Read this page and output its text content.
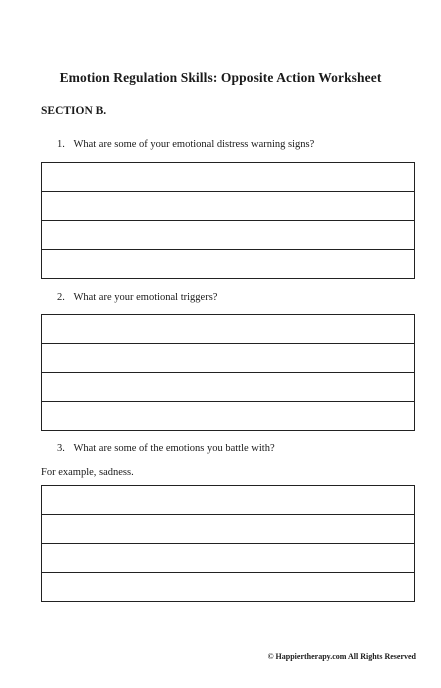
Emotion Regulation Skills: Opposite Action Worksheet
SECTION B.
1. What are some of your emotional distress warning signs?
2. What are your emotional triggers?
3. What are some of the emotions you battle with?
For example, sadness.
© Happiertherapy.com All Rights Reserved
